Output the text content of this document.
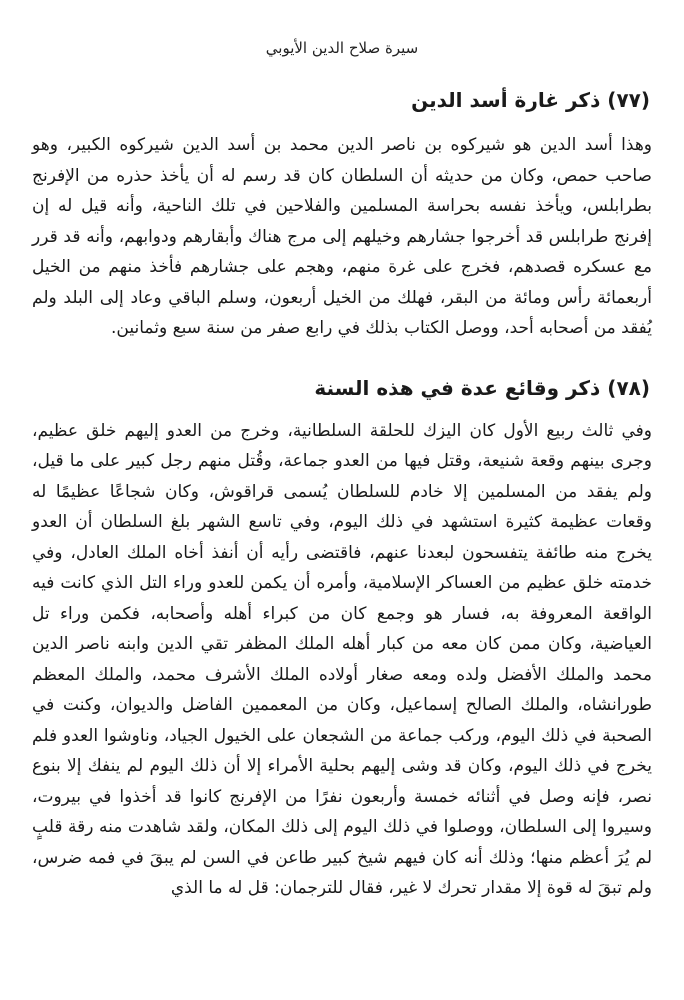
سيرة صلاح الدين الأيوبي
(٧٧) ذكر غارة أسد الدين

وهذا أسد الدين هو شيركوه بن ناصر الدين محمد بن أسد الدين شيركوه الكبير، وهو صاحب حمص، وكان من حديثه أن السلطان كان قد رسم له أن يأخذ حذره من الإفرنج بطرابلس، ويأخذ نفسه بحراسة المسلمين والفلاحين في تلك الناحية، وأنه قيل له إن إفرنج طرابلس قد أخرجوا جشارهم وخيلهم إلى مرج هناك وأبقارهم ودوابهم، وأنه قد قرر مع عسكره قصدهم، فخرج على غرة منهم، وهجم على جشارهم فأخذ منهم من الخيل أربعمائة رأس ومائة من البقر، فهلك من الخيل أربعون، وسلم الباقي وعاد إلى البلد ولم يُفقد من أصحابه أحد، ووصل الكتاب بذلك في رابع صفر من سنة سبع وثمانين.

(٧٨) ذكر وقائع عدة في هذه السنة

وفي ثالث ربيع الأول كان اليزك للحلقة السلطانية، وخرج من العدو إليهم خلق عظيم، وجرى بينهم وقعة شنيعة، وقتل فيها من العدو جماعة، وقُتل منهم رجل كبير على ما قيل، ولم يفقد من المسلمين إلا خادم للسلطان يُسمى قراقوش، وكان شجاعًا عظيمًا له وقعات عظيمة كثيرة استشهد في ذلك اليوم، وفي تاسع الشهر بلغ السلطان أن العدو يخرج منه طائفة يتفسحون لبعدنا عنهم، فاقتضى رأيه أن أنفذ أخاه الملك العادل، وفي خدمته خلق عظيم من العساكر الإسلامية، وأمره أن يكمن للعدو وراء التل الذي كانت فيه الواقعة المعروفة به، فسار هو وجمع كان من كبراء أهله وأصحابه، فكمن وراء تل العياضية، وكان ممن كان معه من كبار أهله الملك المظفر تقي الدين وابنه ناصر الدين محمد والملك الأفضل ولده ومعه صغار أولاده الملك الأشرف محمد، والملك المعظم طورانشاه، والملك الصالح إسماعيل، وكان من المعممين الفاضل والديوان، وكنت في الصحبة في ذلك اليوم، وركب جماعة من الشجعان على الخيول الجياد، وناوشوا العدو فلم يخرج في ذلك اليوم، وكان قد وشى إليهم بحلية الأمراء إلا أن ذلك اليوم لم ينفك إلا بنوع نصر، فإنه وصل في أثنائه خمسة وأربعون نفرًا من الإفرنج كانوا قد أخذوا في بيروت، وسيروا إلى السلطان، ووصلوا في ذلك اليوم إلى ذلك المكان، ولقد شاهدت منه رقة قلبٍ لم يُرَ أعظم منها؛ وذلك أنه كان فيهم شيخ كبير طاعن في السن لم يبقَ في فمه ضرس، ولم تبقَ له قوة إلا مقدار تحرك لا غير، فقال للترجمان: قل له ما الذي
